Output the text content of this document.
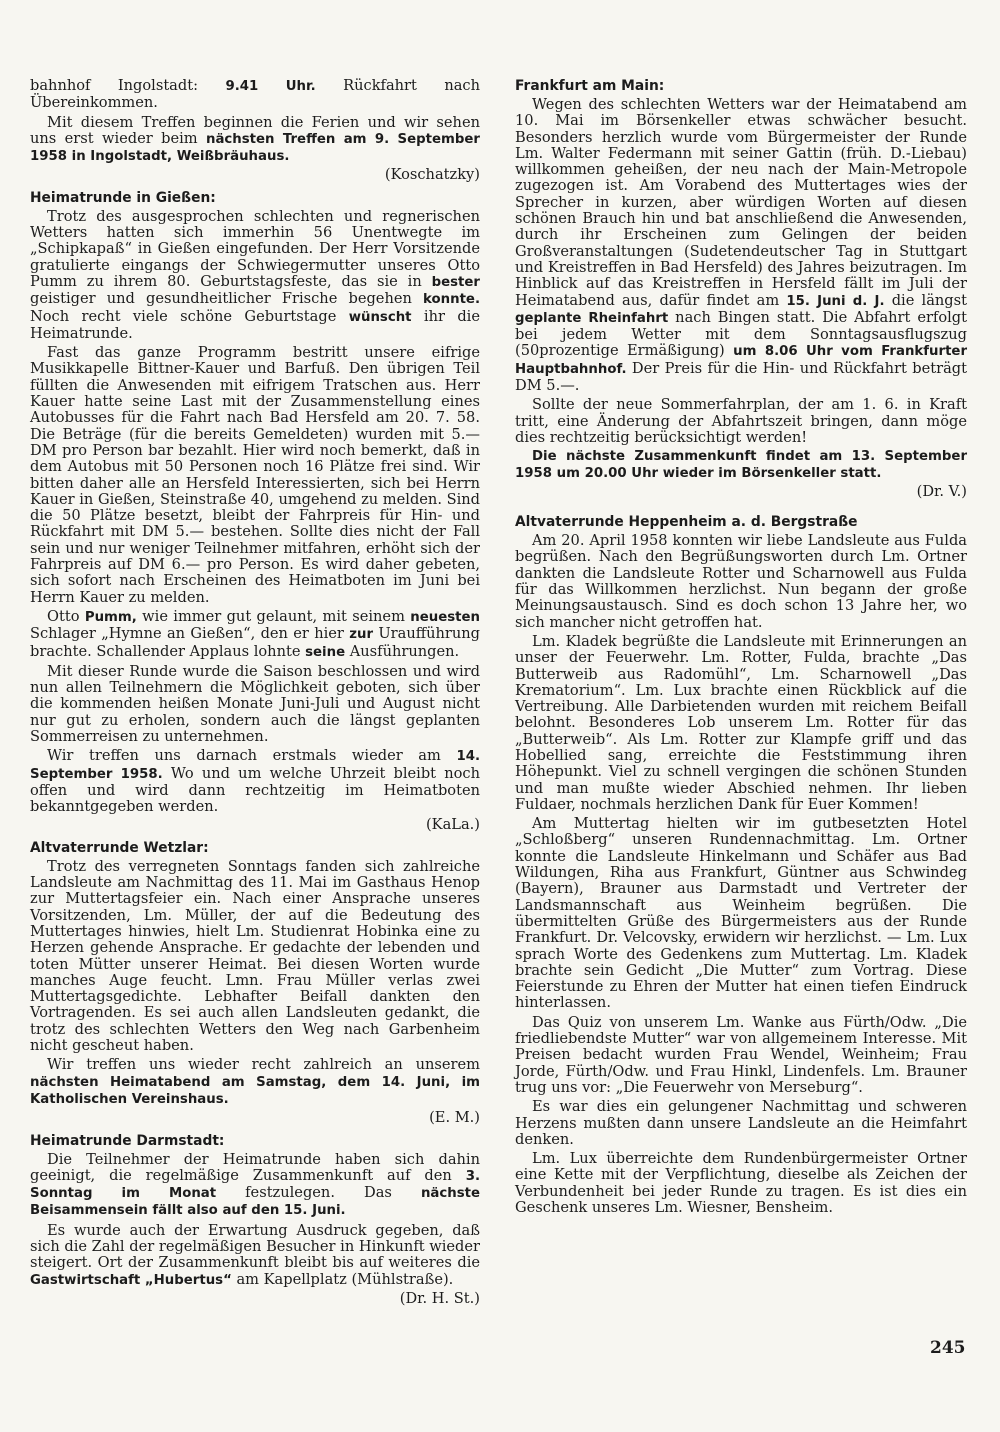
bahnhof Ingolstadt: 9.41 Uhr. Rückfahrt nach Übereinkommen.

Mit diesem Treffen beginnen die Ferien und wir sehen uns erst wieder beim nächsten Treffen am 9. September 1958 in Ingolstadt, Weißbräuhaus.

(Koschatzky)

Heimatrunde in Gießen:

Trotz des ausgesprochen schlechten und regnerischen Wetters hatten sich immerhin 56 Unentwegte im „Schipkapaß“ in Gießen eingefunden. Der Herr Vorsitzende gratulierte eingangs der Schwiegermutter unseres Otto Pumm zu ihrem 80. Geburtstagsfeste, das sie in bester geistiger und gesundheitlicher Frische begehen konnte. Noch recht viele schöne Geburtstage wünscht ihr die Heimatrunde.

Fast das ganze Programm bestritt unsere eifrige Musikkapelle Bittner-Kauer und Barfuß. Den übrigen Teil füllten die Anwesenden mit eifrigem Tratschen aus. Herr Kauer hatte seine Last mit der Zusammenstellung eines Autobusses für die Fahrt nach Bad Hersfeld am 20. 7. 58. Die Beträge (für die bereits Gemeldeten) wurden mit 5.— DM pro Person bar bezahlt. Hier wird noch bemerkt, daß in dem Autobus mit 50 Personen noch 16 Plätze frei sind. Wir bitten daher alle an Hersfeld Interessierten, sich bei Herrn Kauer in Gießen, Steinstraße 40, umgehend zu melden. Sind die 50 Plätze besetzt, bleibt der Fahrpreis für Hin- und Rückfahrt mit DM 5.— bestehen. Sollte dies nicht der Fall sein und nur weniger Teilnehmer mitfahren, erhöht sich der Fahrpreis auf DM 6.— pro Person. Es wird daher gebeten, sich sofort nach Erscheinen des Heimatboten im Juni bei Herrn Kauer zu melden.

Otto Pumm, wie immer gut gelaunt, mit seinem neuesten Schlager „Hymne an Gießen“, den er hier zur Uraufführung brachte. Schallender Applaus lohnte seine Ausführungen.

Mit dieser Runde wurde die Saison beschlossen und wird nun allen Teilnehmern die Möglichkeit geboten, sich über die kommenden heißen Monate Juni-Juli und August nicht nur gut zu erholen, sondern auch die längst geplanten Sommerreisen zu unternehmen.

Wir treffen uns darnach erstmals wieder am 14. September 1958. Wo und um welche Uhrzeit bleibt noch offen und wird dann rechtzeitig im Heimatboten bekanntgegeben werden.

(KaLa.)

Altvaterrunde Wetzlar:

Trotz des verregneten Sonntags fanden sich zahlreiche Landsleute am Nachmittag des 11. Mai im Gasthaus Henop zur Muttertagsfeier ein. Nach einer Ansprache unseres Vorsitzenden, Lm. Müller, der auf die Bedeutung des Muttertages hinwies, hielt Lm. Studienrat Hobinka eine zu Herzen gehende Ansprache. Er gedachte der lebenden und toten Mütter unserer Heimat. Bei diesen Worten wurde manches Auge feucht. Lmn. Frau Müller verlas zwei Muttertagsgedichte. Lebhafter Beifall dankten den Vortragenden. Es sei auch allen Landsleuten gedankt, die trotz des schlechten Wetters den Weg nach Garbenheim nicht gescheut haben.

Wir treffen uns wieder recht zahlreich an unserem nächsten Heimatabend am Samstag, dem 14. Juni, im Katholischen Vereinshaus.

(E. M.)

Heimatrunde Darmstadt:

Die Teilnehmer der Heimatrunde haben sich dahin geeinigt, die regelmäßige Zusammenkunft auf den 3. Sonntag im Monat festzulegen. Das nächste Beisammensein fällt also auf den 15. Juni.

Es wurde auch der Erwartung Ausdruck gegeben, daß sich die Zahl der regelmäßigen Besucher in Hinkunft wieder steigert. Ort der Zusammenkunft bleibt bis auf weiteres die Gastwirtschaft „Hubertus“ am Kapellplatz (Mühlstraße).

(Dr. H. St.)

Frankfurt am Main:

Wegen des schlechten Wetters war der Heimatabend am 10. Mai im Börsenkeller etwas schwächer besucht. Besonders herzlich wurde vom Bürgermeister der Runde Lm. Walter Federmann mit seiner Gattin (früh. D.-Liebau) willkommen geheißen, der neu nach der Main-Metropole zugezogen ist. Am Vorabend des Muttertages wies der Sprecher in kurzen, aber würdigen Worten auf diesen schönen Brauch hin und bat anschließend die Anwesenden, durch ihr Erscheinen zum Gelingen der beiden Großveranstaltungen (Sudetendeutscher Tag in Stuttgart und Kreistreffen in Bad Hersfeld) des Jahres beizutragen. Im Hinblick auf das Kreistreffen in Hersfeld fällt im Juli der Heimatabend aus, dafür findet am 15. Juni d. J. die längst geplante Rheinfahrt nach Bingen statt. Die Abfahrt erfolgt bei jedem Wetter mit dem Sonntagsausflugszug (50prozentige Ermäßigung) um 8.06 Uhr vom Frankfurter Hauptbahnhof. Der Preis für die Hin- und Rückfahrt beträgt DM 5.—.

Sollte der neue Sommerfahrplan, der am 1. 6. in Kraft tritt, eine Änderung der Abfahrtszeit bringen, dann möge dies rechtzeitig berücksichtigt werden!

Die nächste Zusammenkunft findet am 13. September 1958 um 20.00 Uhr wieder im Börsenkeller statt.

(Dr. V.)

Altvaterrunde Heppenheim a. d. Bergstraße

Am 20. April 1958 konnten wir liebe Landsleute aus Fulda begrüßen. Nach den Begrüßungsworten durch Lm. Ortner dankten die Landsleute Rotter und Scharnowell aus Fulda für das Willkommen herzlichst. Nun begann der große Meinungsaustausch. Sind es doch schon 13 Jahre her, wo sich mancher nicht getroffen hat.

Lm. Kladek begrüßte die Landsleute mit Erinnerungen an unser der Feuerwehr. Lm. Rotter, Fulda, brachte „Das Butterweib aus Radomühl“, Lm. Scharnowell „Das Krematorium“. Lm. Lux brachte einen Rückblick auf die Vertreibung. Alle Darbietenden wurden mit reichem Beifall belohnt. Besonderes Lob unserem Lm. Rotter für das „Butterweib“. Als Lm. Rotter zur Klampfe griff und das Hobellied sang, erreichte die Feststimmung ihren Höhepunkt. Viel zu schnell vergingen die schönen Stunden und man mußte wieder Abschied nehmen. Ihr lieben Fuldaer, nochmals herzlichen Dank für Euer Kommen!

Am Muttertag hielten wir im gutbesetzten Hotel „Schloßberg“ unseren Rundennachmittag. Lm. Ortner konnte die Landsleute Hinkelmann und Schäfer aus Bad Wildungen, Riha aus Frankfurt, Güntner aus Schwindeg (Bayern), Brauner aus Darmstadt und Vertreter der Landsmannschaft aus Weinheim begrüßen. Die übermittelten Grüße des Bürgermeisters aus der Runde Frankfurt. Dr. Velcovsky, erwidern wir herzlichst. — Lm. Lux sprach Worte des Gedenkens zum Muttertag. Lm. Kladek brachte sein Gedicht „Die Mutter“ zum Vortrag. Diese Feierstunde zu Ehren der Mutter hat einen tiefen Eindruck hinterlassen.

Das Quiz von unserem Lm. Wanke aus Fürth/Odw. „Die friedliebendste Mutter“ war von allgemeinem Interesse. Mit Preisen bedacht wurden Frau Wendel, Weinheim; Frau Jorde, Fürth/Odw. und Frau Hinkl, Lindenfels. Lm. Brauner trug uns vor: „Die Feuerwehr von Merseburg“.

Es war dies ein gelungener Nachmittag und schweren Herzens mußten dann unsere Landsleute an die Heimfahrt denken.

Lm. Lux überreichte dem Rundenbürgermeister Ortner eine Kette mit der Verpflichtung, dieselbe als Zeichen der Verbundenheit bei jeder Runde zu tragen. Es ist dies ein Geschenk unseres Lm. Wiesner, Bensheim.

245
